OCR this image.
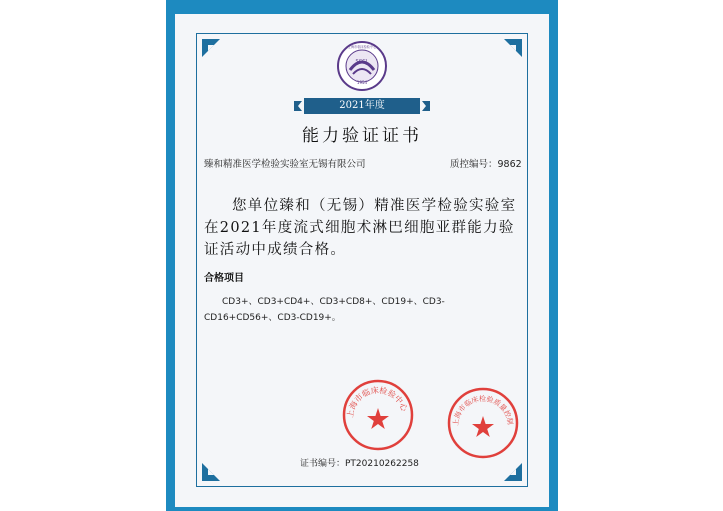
SCCL
1954
上海市临床检验中心
2021年度
能力验证证书
臻和精准医学检验实验室无锡有限公司	质控编号：9862
您单位臻和（无锡）精准医学检验实验室在2021年度流式细胞术淋巴细胞亚群能力验证活动中成绩合格。
合格项目
CD3+、CD3+CD4+、CD3+CD8+、CD19+、CD3-CD16+CD56+、CD3-CD19+。
上海市临床检验中心
上海市临床检验质量控制
证书编号：PT20210262258
